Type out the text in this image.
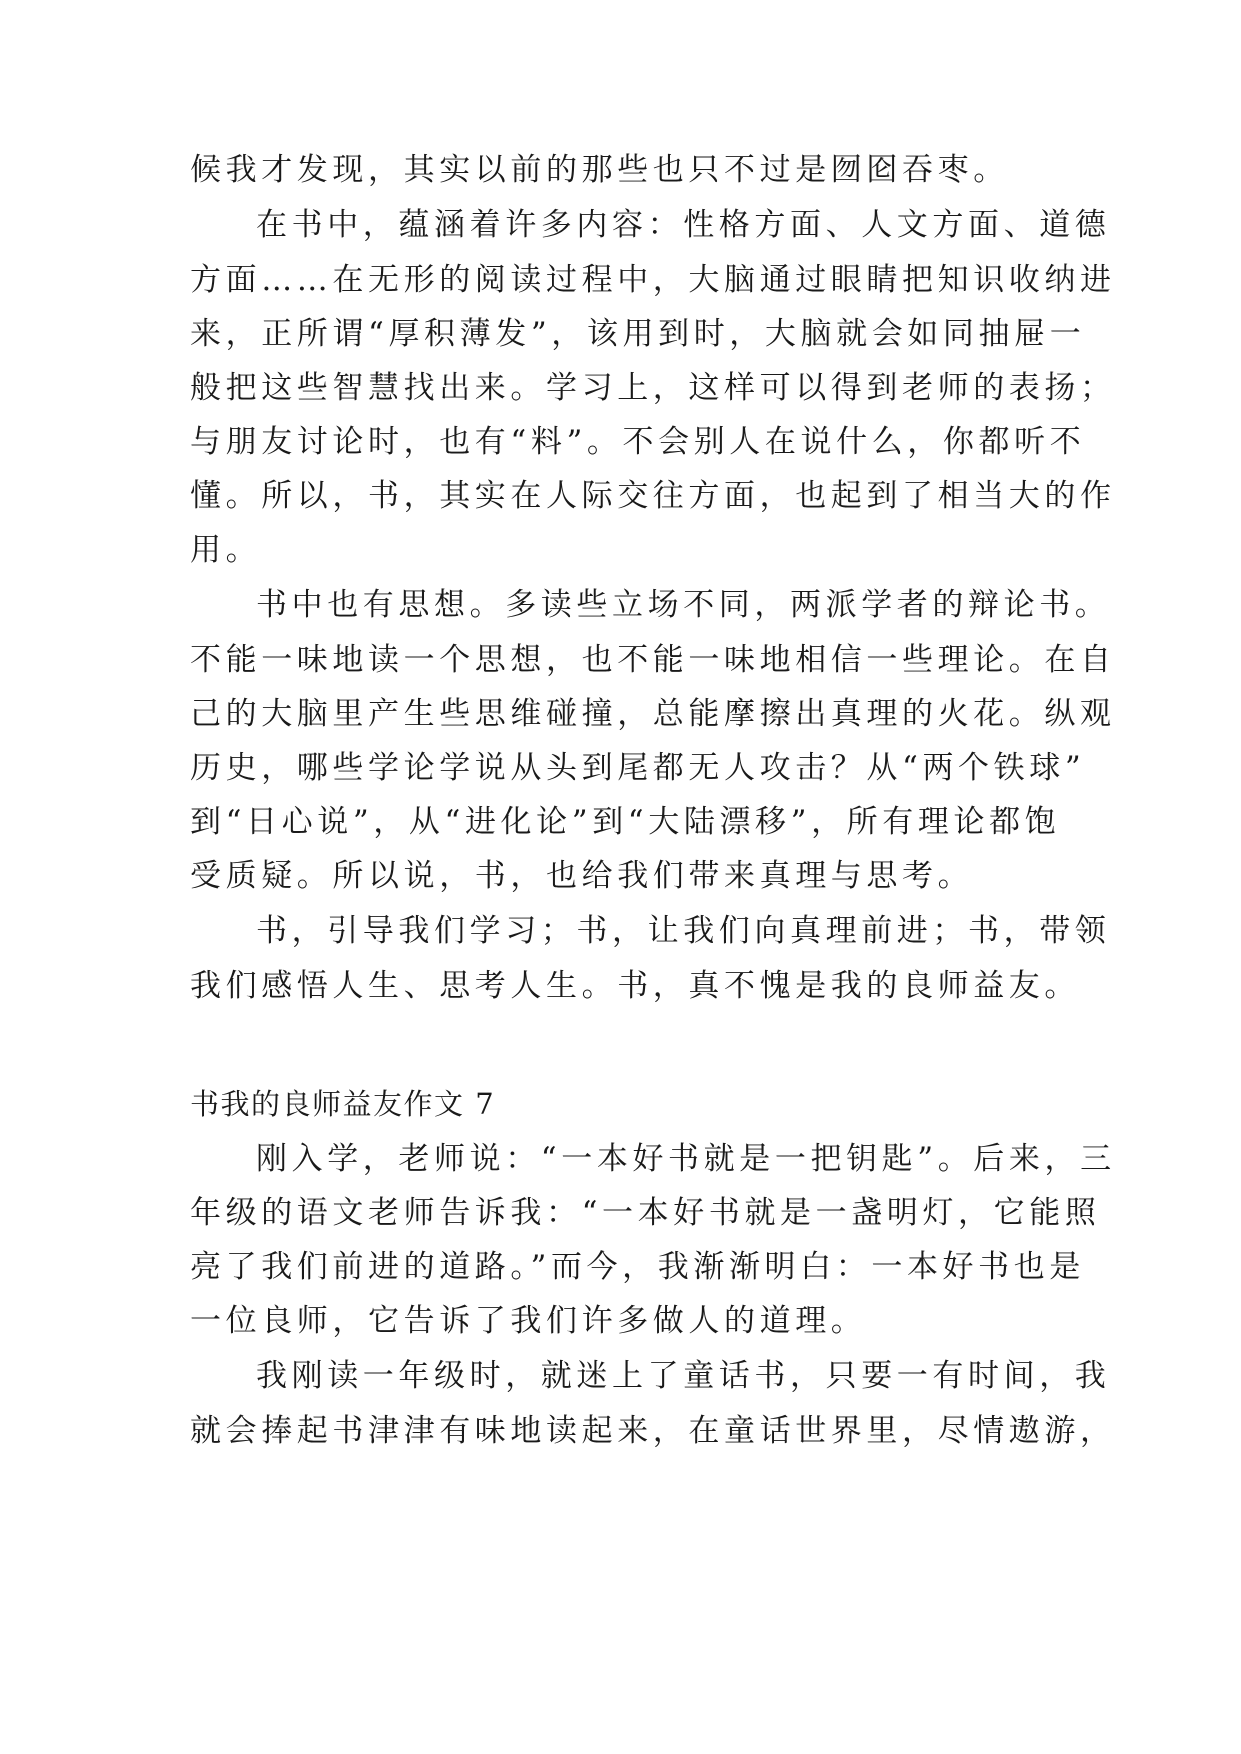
候我才发现，其实以前的那些也只不过是囫囵吞枣。
在书中，蕴涵着许多内容：性格方面、人文方面、道德
方面……在无形的阅读过程中，大脑通过眼睛把知识收纳进
来，正所谓“厚积薄发”，该用到时，大脑就会如同抽屉一
般把这些智慧找出来。学习上，这样可以得到老师的表扬；
与朋友讨论时，也有“料”。不会别人在说什么，你都听不
懂。所以，书，其实在人际交往方面，也起到了相当大的作
用。
书中也有思想。多读些立场不同，两派学者的辩论书。
不能一味地读一个思想，也不能一味地相信一些理论。在自
己的大脑里产生些思维碰撞，总能摩擦出真理的火花。纵观
历史，哪些学论学说从头到尾都无人攻击？从“两个铁球”
到“日心说”，从“进化论”到“大陆漂移”，所有理论都饱
受质疑。所以说，书，也给我们带来真理与思考。
书，引导我们学习；书，让我们向真理前进；书，带领
我们感悟人生、思考人生。书，真不愧是我的良师益友。
书我的良师益友作文 7
刚入学，老师说：“一本好书就是一把钥匙”。后来，三
年级的语文老师告诉我：“一本好书就是一盏明灯，它能照
亮了我们前进的道路。”而今，我渐渐明白：一本好书也是
一位良师，它告诉了我们许多做人的道理。
我刚读一年级时，就迷上了童话书，只要一有时间，我
就会捧起书津津有味地读起来，在童话世界里，尽情遨游，
